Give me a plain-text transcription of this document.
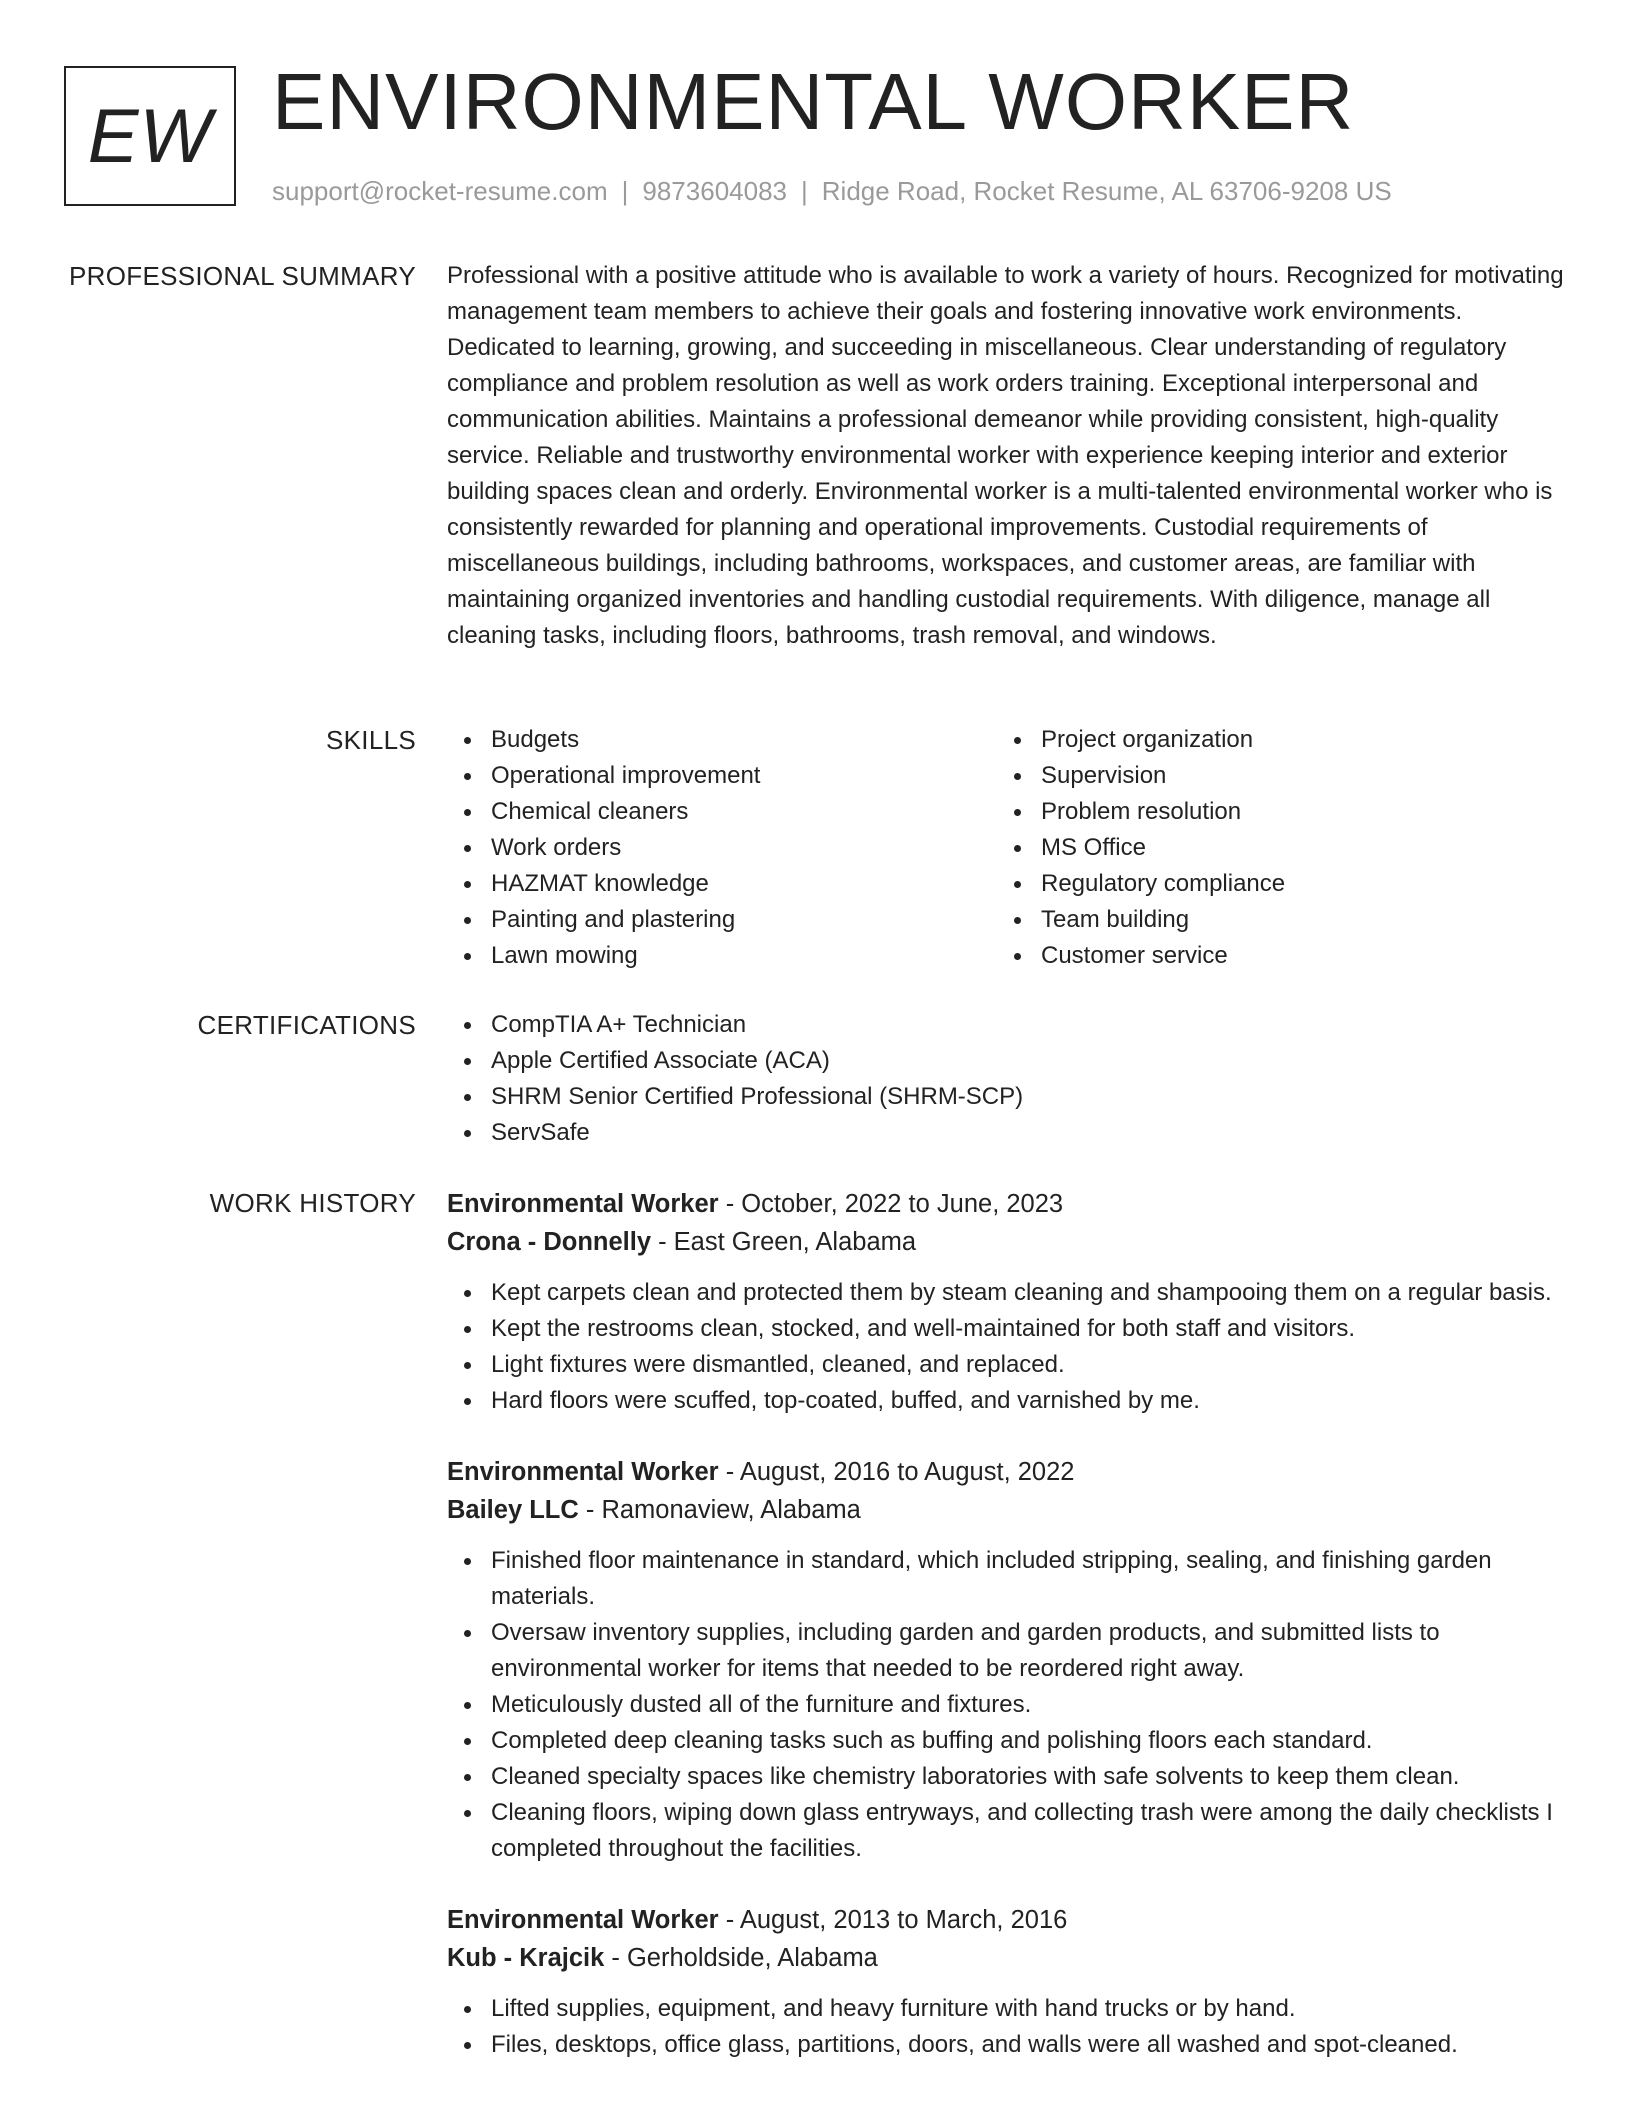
EW ENVIRONMENTAL WORKER
support@rocket-resume.com | 9873604083 | Ridge Road, Rocket Resume, AL 63706-9208 US
PROFESSIONAL SUMMARY Professional with a positive attitude who is available to work a variety of hours. Recognized for motivating management team members to achieve their goals and fostering innovative work environments. Dedicated to learning, growing, and succeeding in miscellaneous. Clear understanding of regulatory compliance and problem resolution as well as work orders training. Exceptional interpersonal and communication abilities. Maintains a professional demeanor while providing consistent, high-quality service. Reliable and trustworthy environmental worker with experience keeping interior and exterior building spaces clean and orderly. Environmental worker is a multi-talented environmental worker who is consistently rewarded for planning and operational improvements. Custodial requirements of miscellaneous buildings, including bathrooms, workspaces, and customer areas, are familiar with maintaining organized inventories and handling custodial requirements. With diligence, manage all cleaning tasks, including floors, bathrooms, trash removal, and windows.

SKILLS	Budgets
Operational improvement
Chemical cleaners
Work orders
HAZMAT knowledge
Painting and plastering
Lawn mowing
Project organization
Supervision
Problem resolution
MS Office
Regulatory compliance
Team building
Customer service
CERTIFICATIONS	CompTIA A+ Technician
Apple Certified Associate (ACA)
SHRM Senior Certified Professional (SHRM-SCP)
ServSafe
WORK HISTORY Environmental Worker - October, 2022 to June, 2023
Crona - Donnelly - East Green, Alabama
Kept carpets clean and protected them by steam cleaning and shampooing them on a regular basis.
Kept the restrooms clean, stocked, and well-maintained for both staff and visitors.
Light fixtures were dismantled, cleaned, and replaced.
Hard floors were scuffed, top-coated, buffed, and varnished by me.
Environmental Worker - August, 2016 to August, 2022
Bailey LLC - Ramonaview, Alabama
Finished floor maintenance in standard, which included stripping, sealing, and finishing garden materials.
Oversaw inventory supplies, including garden and garden products, and submitted lists to environmental worker for items that needed to be reordered right away.
Meticulously dusted all of the furniture and fixtures.
Completed deep cleaning tasks such as buffing and polishing floors each standard.
Cleaned specialty spaces like chemistry laboratories with safe solvents to keep them clean.
Cleaning floors, wiping down glass entryways, and collecting trash were among the daily checklists I completed throughout the facilities.
Environmental Worker - August, 2013 to March, 2016
Kub - Krajcik - Gerholdside, Alabama
Lifted supplies, equipment, and heavy furniture with hand trucks or by hand.
Files, desktops, office glass, partitions, doors, and walls were all washed and spot-cleaned.
